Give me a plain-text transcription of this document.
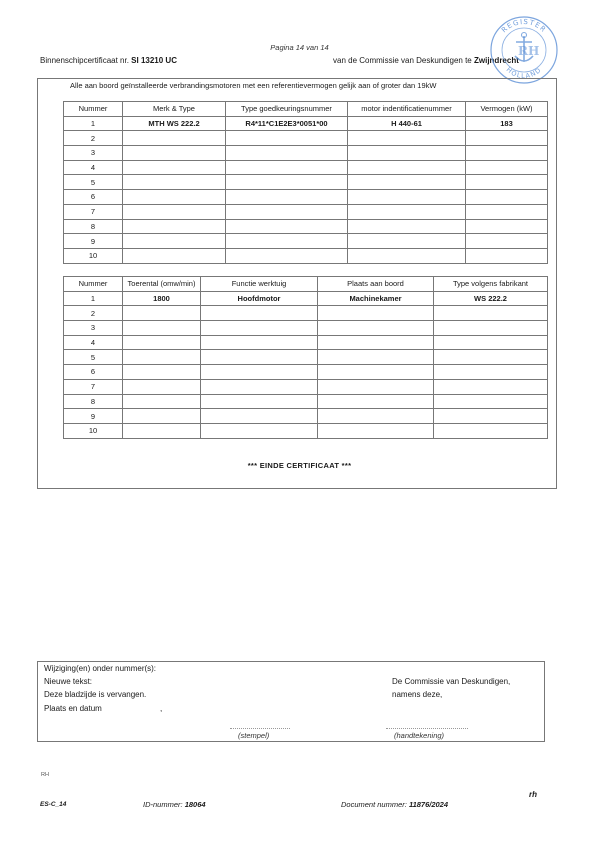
Pagina 14 van 14
Binnenschipcertificaat nr. SI 13210 UC	van de Commissie van Deskundigen te Zwijndrecht
REGISTER
HOLLAND
RH
Alle aan boord geïnstalleerde verbrandingsmotoren met een referentievermogen gelijk aan of groter dan 19kW
Nummer	Merk & Type	Type goedkeuringsnummer	motor indentificatienummer	Vermogen (kW)
1	MTH WS 222.2	R4*11*C1E2E3*0051*00	H 440-61	183
2				
3				
4				
5				
6				
7				
8				
9				
10				
Nummer	Toerental (omw/min)	Functie werktuig	Plaats aan boord	Type volgens fabrikant
1	1800	Hoofdmotor	Machinekamer	WS 222.2
2				
3				
4				
5				
6				
7				
8				
9				
10				
*** EINDE CERTIFICAAT ***
Wijziging(en) onder nummer(s):
Nieuwe tekst:
Deze bladzijde is vervangen.
Plaats en datum	,
De Commissie van Deskundigen,
namens deze,
(stempel)	(handtekening)
RH
ES-C_14	ID-nummer: 18064	Document nummer: 11876/2024
rh
